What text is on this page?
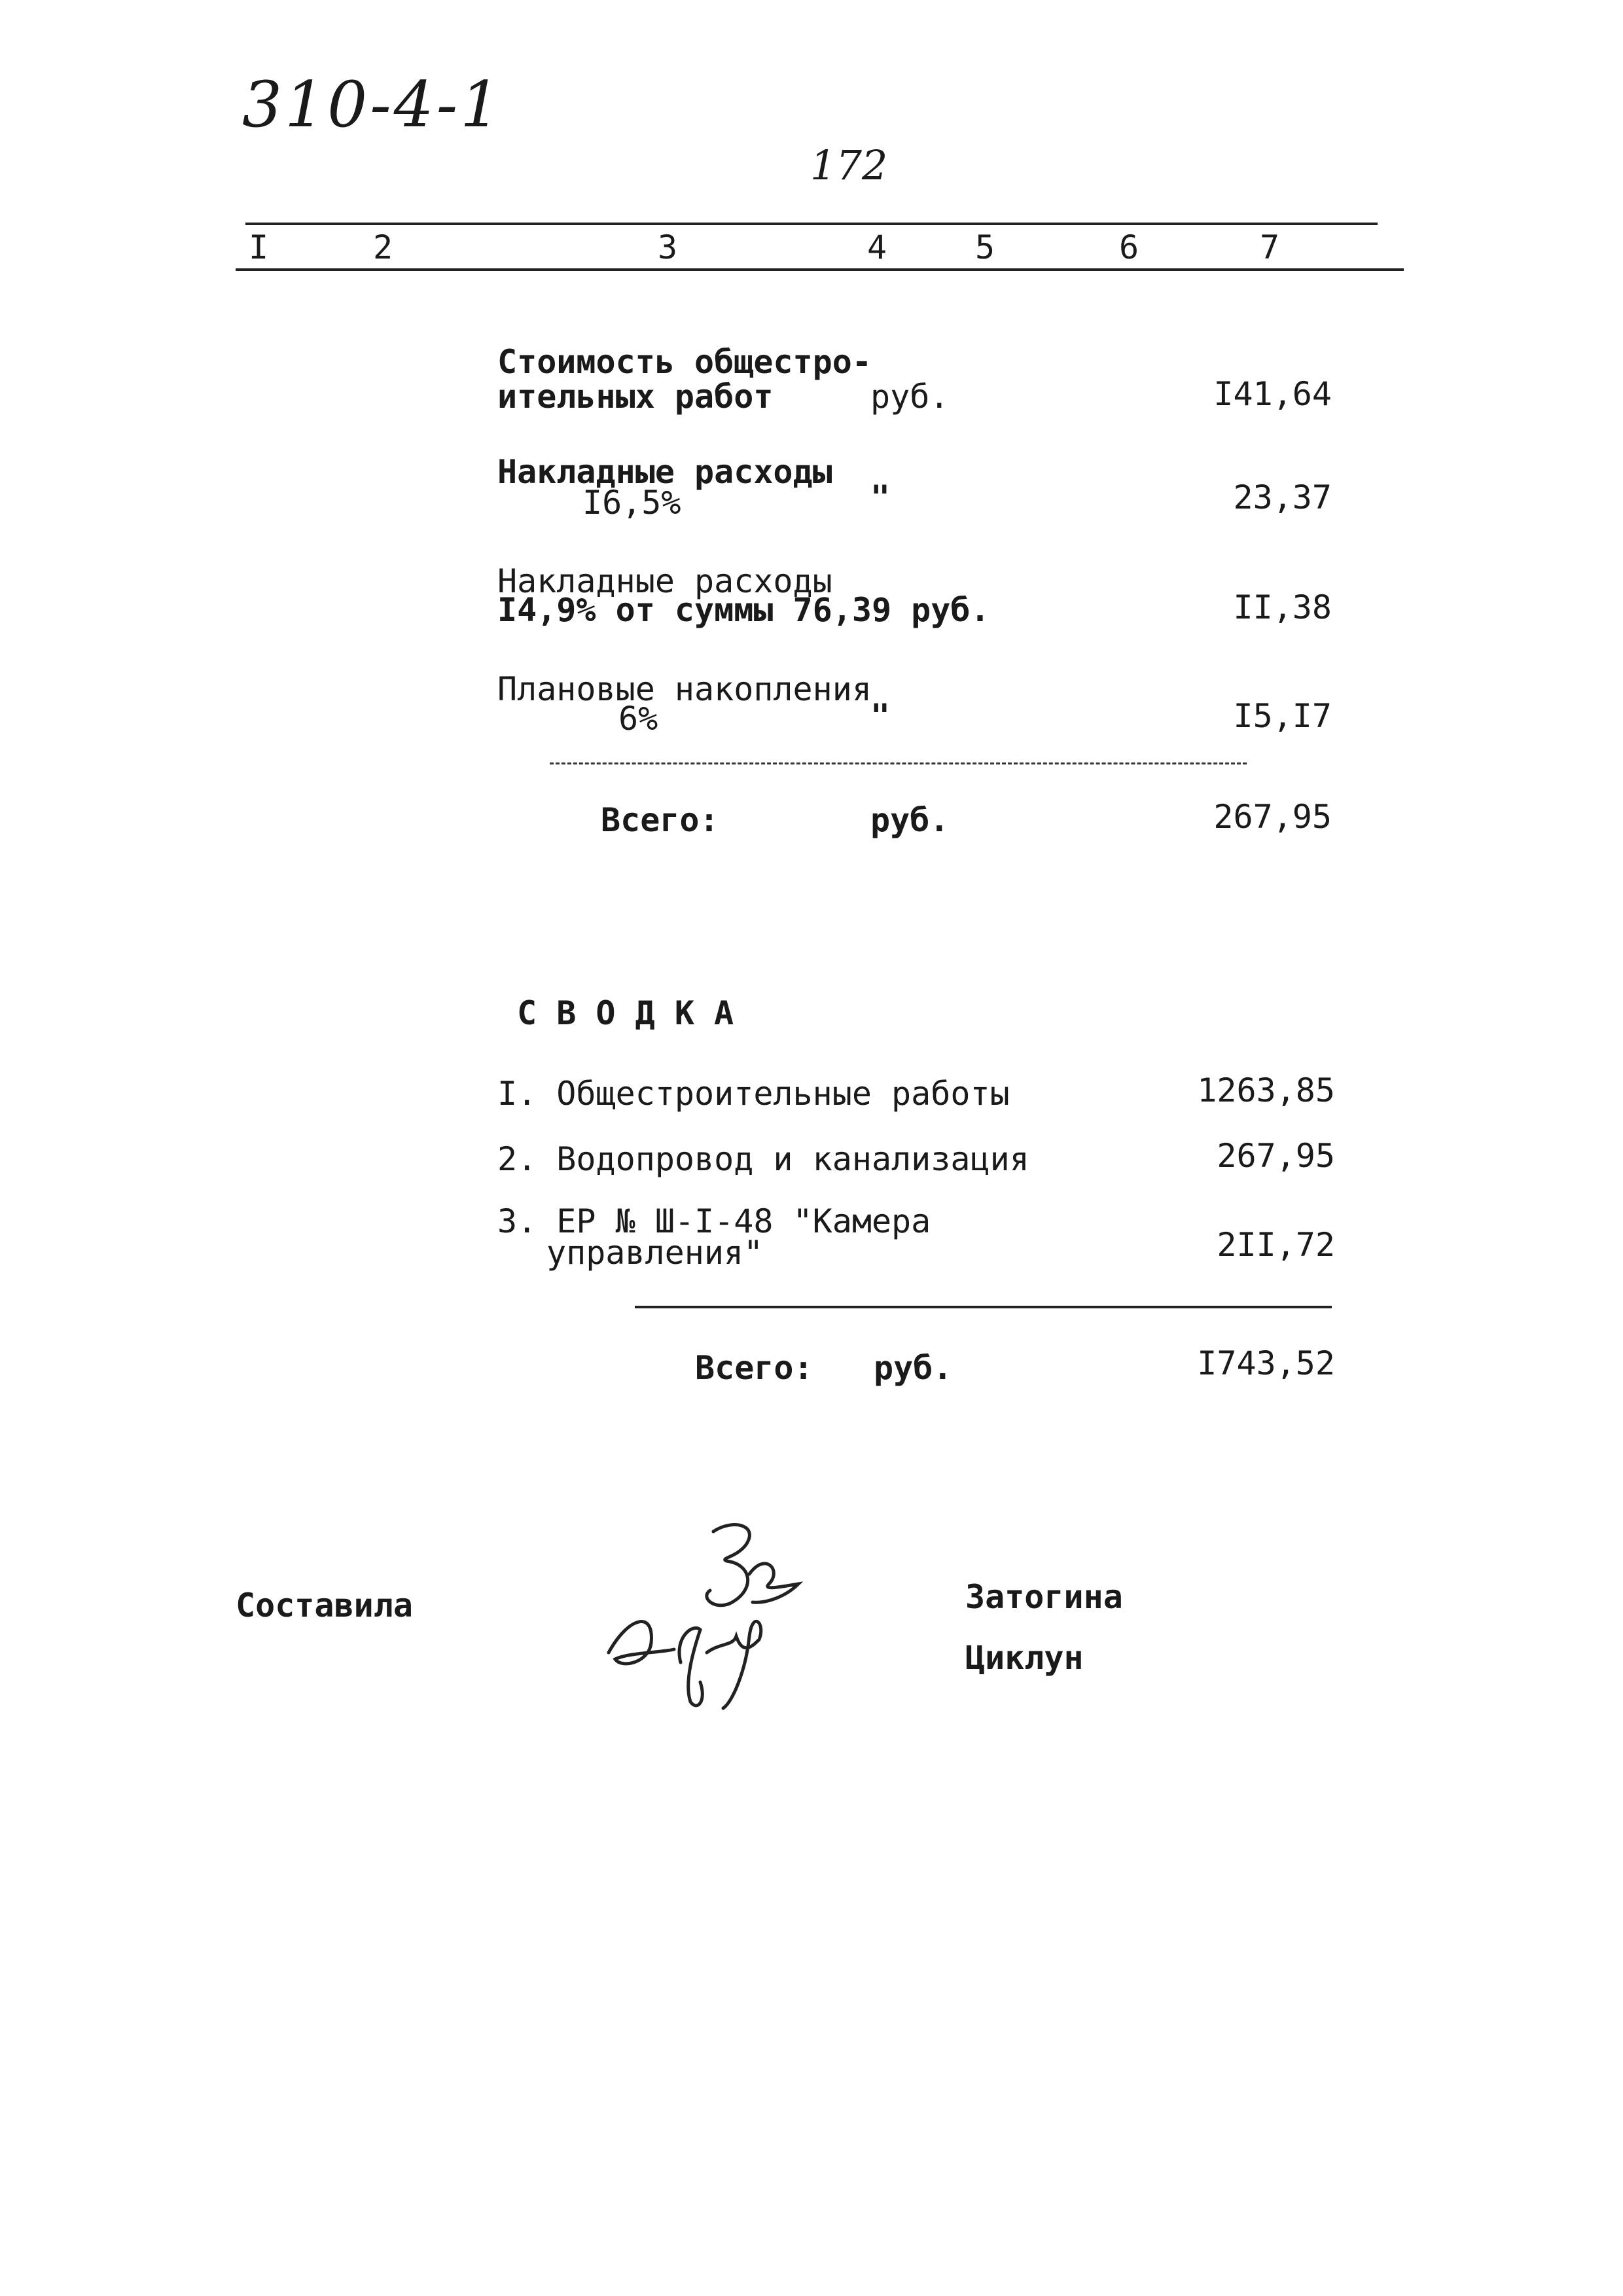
310-4-1
172
I	2	3	4	5	6	7
Стоимость общестро-
ительных работ	руб.	I41,64
Накладные расходы
I6,5%	"	23,37
Накладные расходы
I4,9% от суммы 76,39 руб.	II,38
Плановые накопления
6%	"	I5,I7
Всего:	руб.	267,95
С В О Д К А
I. Общестроительные работы	1263,85
2. Водопровод и канализация	267,95
3. ЕР № Ш-I-48 "Камера
управления"	2II,72
Всего: руб.	I743,52
Составила	Затогина
Циклун
